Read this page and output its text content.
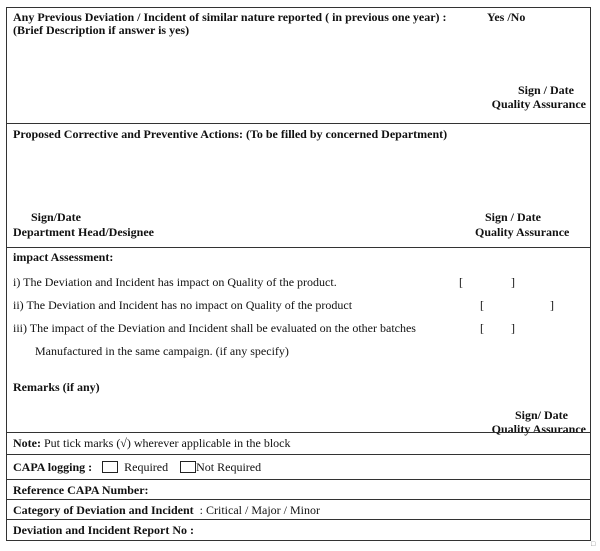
Any Previous Deviation / Incident of similar nature reported ( in previous one year) :	Yes /No
(Brief Description if answer is yes)
Sign / Date
Quality Assurance
Proposed Corrective and Preventive Actions: (To be filled by concerned Department)
Sign/Date
Department Head/Designee
Sign / Date
Quality Assurance
impact Assessment:
i) The Deviation and Incident has impact on Quality of the product.	[	]
ii) The Deviation and Incident has no impact on Quality of the product	[	]
iii) The impact of the Deviation and Incident shall be evaluated on the other batches	[ ]
Manufactured in the same campaign. (if any specify)
Remarks (if any)
Sign/ Date
Quality Assurance
Note: Put tick marks (√) wherever applicable in the block
CAPA logging :	Required Not Required
Reference CAPA Number:
Category of Deviation and Incident : Critical / Major / Minor
Deviation and Incident Report No :
□
